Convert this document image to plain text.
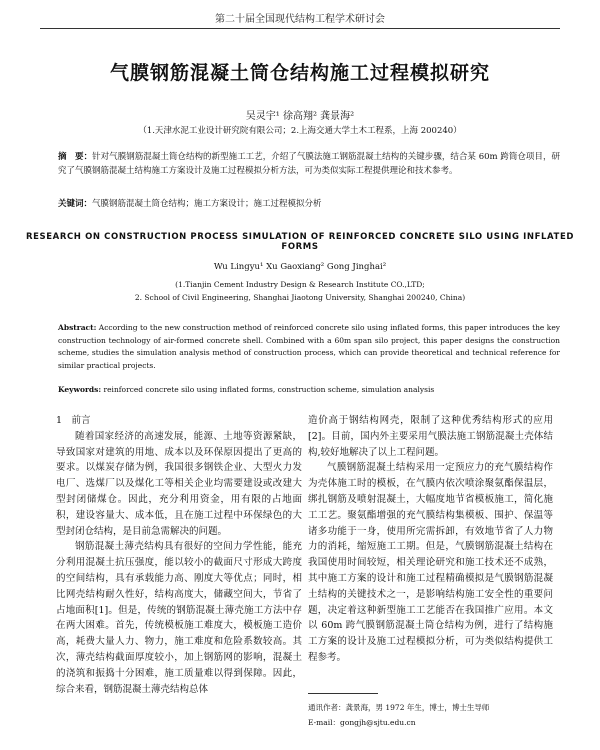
第二十届全国现代结构工程学术研讨会
气膜钢筋混凝土筒仓结构施工过程模拟研究
吴灵宇¹ 徐高翔² 龚景海²
（1.天津水泥工业设计研究院有限公司；2.上海交通大学土木工程系，上海 200240）
摘　要：针对气膜钢筋混凝土筒仓结构的新型施工工艺，介绍了气膜法施工钢筋混凝土结构的关键步骤，结合某 60m 跨筒仓项目，研究了气膜钢筋混凝土结构施工方案设计及施工过程模拟分析方法，可为类似实际工程提供理论和技术参考。
关键词：气膜钢筋混凝土筒仓结构；施工方案设计；施工过程模拟分析
RESEARCH ON CONSTRUCTION PROCESS SIMULATION OF REINFORCED CONCRETE SILO USING INFLATED FORMS
Wu Lingyu¹ Xu Gaoxiang² Gong Jinghai²
(1.Tianjin Cement Industry Design & Research Institute CO.,LTD;
2. School of Civil Engineering, Shanghai Jiaotong University, Shanghai 200240, China)
Abstract: According to the new construction method of reinforced concrete silo using inflated forms, this paper introduces the key construction technology of air-formed concrete shell. Combined with a 60m span silo project, this paper designs the construction scheme, studies the simulation analysis method of construction process, which can provide theoretical and technical reference for similar practical projects.
Keywords: reinforced concrete silo using inflated forms, construction scheme, simulation analysis
1　前言

随着国家经济的高速发展，能源、土地等资源紧缺，导致国家对建筑的用地、成本以及环保原因提出了更高的要求。以煤炭存储为例，我国很多钢铁企业、大型火力发电厂、选煤厂以及煤化工等相关企业均需要建设或改建大型封闭储煤仓。因此，充分利用资金，用有限的占地面积，建设容量大、成本低，且在施工过程中环保绿色的大型封闭仓结构，是目前急需解决的问题。

钢筋混凝土薄壳结构具有很好的空间力学性能，能充分利用混凝土抗压强度，能以较小的截面尺寸形成大跨度的空间结构，具有承载能力高、刚度大等优点；同时，相比网壳结构耐久性好，结构高度大，储藏空间大，节省了占地面积[1]。但是，传统的钢筋混凝土薄壳施工方法中存在两大困难。首先，传统模板施工难度大，模板施工造价高，耗费大量人力、物力，施工难度和危险系数较高。其次，薄壳结构截面厚度较小，加上钢筋网的影响，混凝土的浇筑和振捣十分困难，施工质量难以得到保障。因此，综合来看，钢筋混凝土薄壳结构总体

造价高于钢结构网壳，限制了这种优秀结构形式的应用[2]。目前，国内外主要采用气膜法施工钢筋混凝土壳体结构,较好地解决了以上工程问题。

气膜钢筋混凝土结构采用一定预应力的充气膜结构作为壳体施工时的模板，在气膜内依次喷涂聚氨酯保温层，绑扎钢筋及喷射混凝土，大幅度地节省模板施工，简化施工工艺。聚氨酯增强的充气膜结构集模板、围护、保温等诸多功能于一身，使用所完需拆卸，有效地节省了人力物力的消耗，缩短施工工期。但是，气膜钢筋混凝土结构在我国使用时间较短，相关理论研究和施工技术还不成熟，其中施工方案的设计和施工过程精确模拟是气膜钢筋混凝土结构的关键技术之一，是影响结构施工安全性的重要问题，决定着这种新型施工工艺能否在我国推广应用。本文以 60m 跨气膜钢筋混凝土筒仓结构为例，进行了结构施工方案的设计及施工过程模拟分析，可为类似结构提供工程参考。

通讯作者：龚景海，男 1972 年生，博士，博士生导师
E-mail：gongjh@sjtu.edu.cn
